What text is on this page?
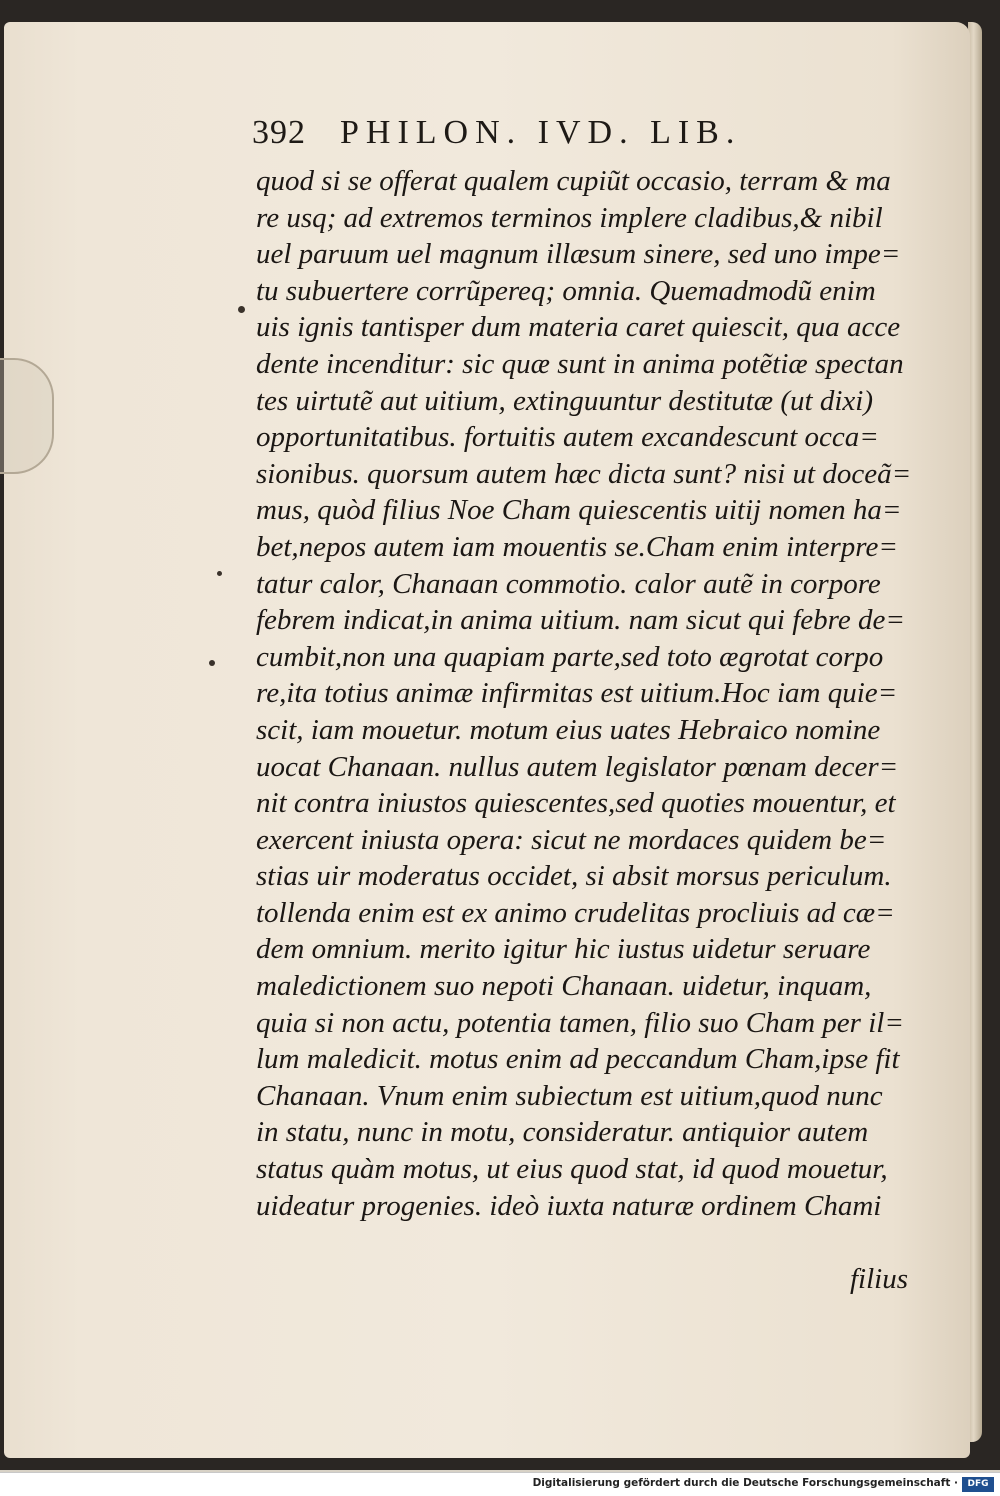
392 PHILON. IVD. LIB.
quod si se offerat qualem cupiũt occasio, terram & ma
re usq; ad extremos terminos implere cladibus,& nibil
uel paruum uel magnum illæsum sinere, sed uno impe=
tu subuertere corrũpereq; omnia. Quemadmodũ enim
uis ignis tantisper dum materia caret quiescit, qua acce
dente incenditur: sic quæ sunt in anima potẽtiæ spectan
tes uirtutẽ aut uitium, extinguuntur destitutæ (ut dixi)
opportunitatibus. fortuitis autem excandescunt occa=
sionibus. quorsum autem hæc dicta sunt? nisi ut doceã=
mus, quòd filius Noe Cham quiescentis uitij nomen ha=
bet,nepos autem iam mouentis se.Cham enim interpre=
tatur calor, Chanaan commotio. calor autẽ in corpore
febrem indicat,in anima uitium. nam sicut qui febre de=
cumbit,non una quapiam parte,sed toto ægrotat corpo
re,ita totius animæ infirmitas est uitium.Hoc iam quie=
scit, iam mouetur. motum eius uates Hebraico nomine
uocat Chanaan. nullus autem legislator pœnam decer=
nit contra iniustos quiescentes,sed quoties mouentur, et
exercent iniusta opera: sicut ne mordaces quidem be=
stias uir moderatus occidet, si absit morsus periculum.
tollenda enim est ex animo crudelitas procliuis ad cæ=
dem omnium. merito igitur hic iustus uidetur seruare
maledictionem suo nepoti Chanaan. uidetur, inquam,
quia si non actu, potentia tamen, filio suo Cham per il=
lum maledicit. motus enim ad peccandum Cham,ipse fit
Chanaan. Vnum enim subiectum est uitium,quod nunc
in statu, nunc in motu, consideratur. antiquior autem
status quàm motus, ut eius quod stat, id quod mouetur,
uideatur progenies. ideò iuxta naturæ ordinem Chami
filius
Digitalisierung gefördert durch die Deutsche Forschungsgemeinschaft ·	DFG
